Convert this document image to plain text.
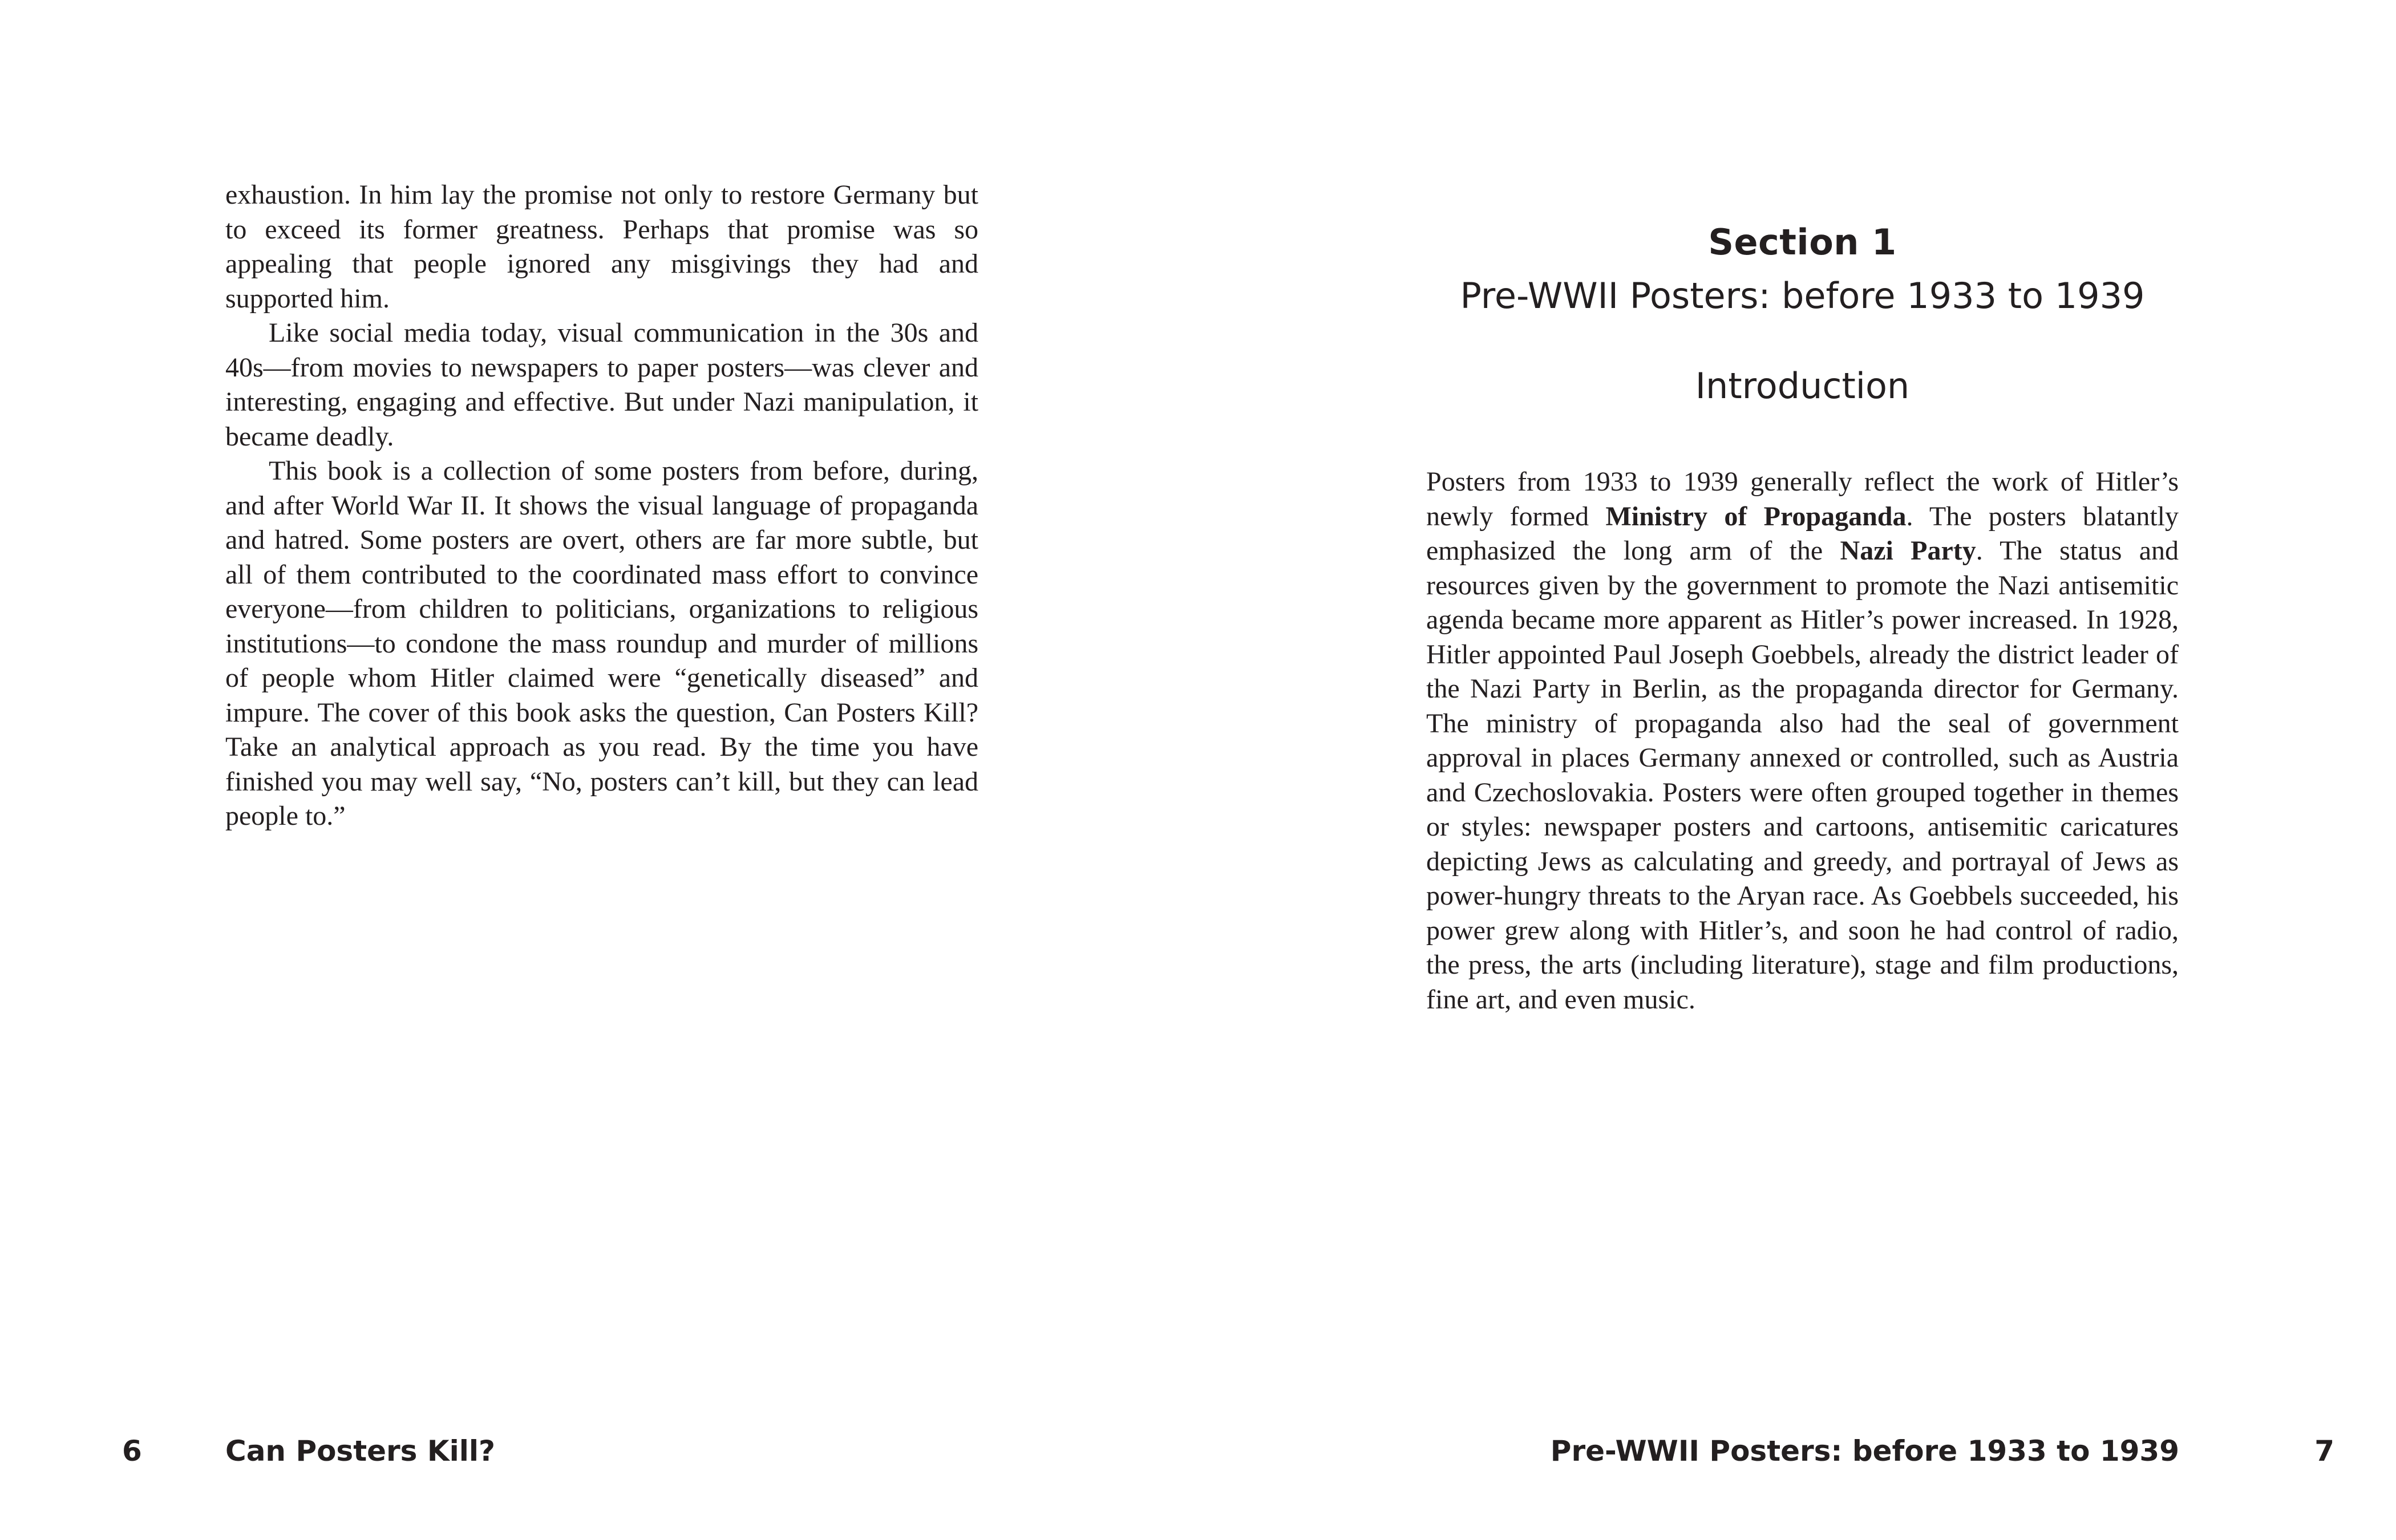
exhaustion. In him lay the promise not only to restore Germany but to exceed its former greatness. Perhaps that promise was so appealing that people ignored any misgivings they had and supported him.

Like social media today, visual communication in the 30s and 40s—from movies to newspapers to paper posters—was clever and interesting, engaging and effective. But under Nazi manipulation, it became deadly.

This book is a collection of some posters from before, during, and after World War II. It shows the visual language of propaganda and hatred. Some posters are overt, others are far more subtle, but all of them contributed to the coordinated mass effort to convince everyone—from children to politicians, organizations to religious institutions—to condone the mass roundup and murder of millions of people whom Hitler claimed were “genetically diseased” and impure. The cover of this book asks the question, Can Posters Kill? Take an analytical approach as you read. By the time you have finished you may well say, “No, posters can’t kill, but they can lead people to.”

6	Can Posters Kill?
Section 1
Pre-WWII Posters: before 1933 to 1939
Introduction

Posters from 1933 to 1939 generally reflect the work of Hitler’s newly formed Ministry of Propaganda. The posters blatantly emphasized the long arm of the Nazi Party. The status and resources given by the government to promote the Nazi antisemitic agenda became more apparent as Hitler’s power increased. In 1928, Hitler appointed Paul Joseph Goebbels, already the district leader of the Nazi Party in Berlin, as the propaganda director for Germany. The ministry of propaganda also had the seal of government approval in places Germany annexed or controlled, such as Austria and Czechoslovakia. Posters were often grouped together in themes or styles: newspaper posters and cartoons, antisemitic caricatures depicting Jews as calculating and greedy, and portrayal of Jews as power-hungry threats to the Aryan race. As Goebbels succeeded, his power grew along with Hitler’s, and soon he had control of radio, the press, the arts (including literature), stage and film productions, fine art, and even music.

Pre-WWII Posters: before 1933 to 1939	7
